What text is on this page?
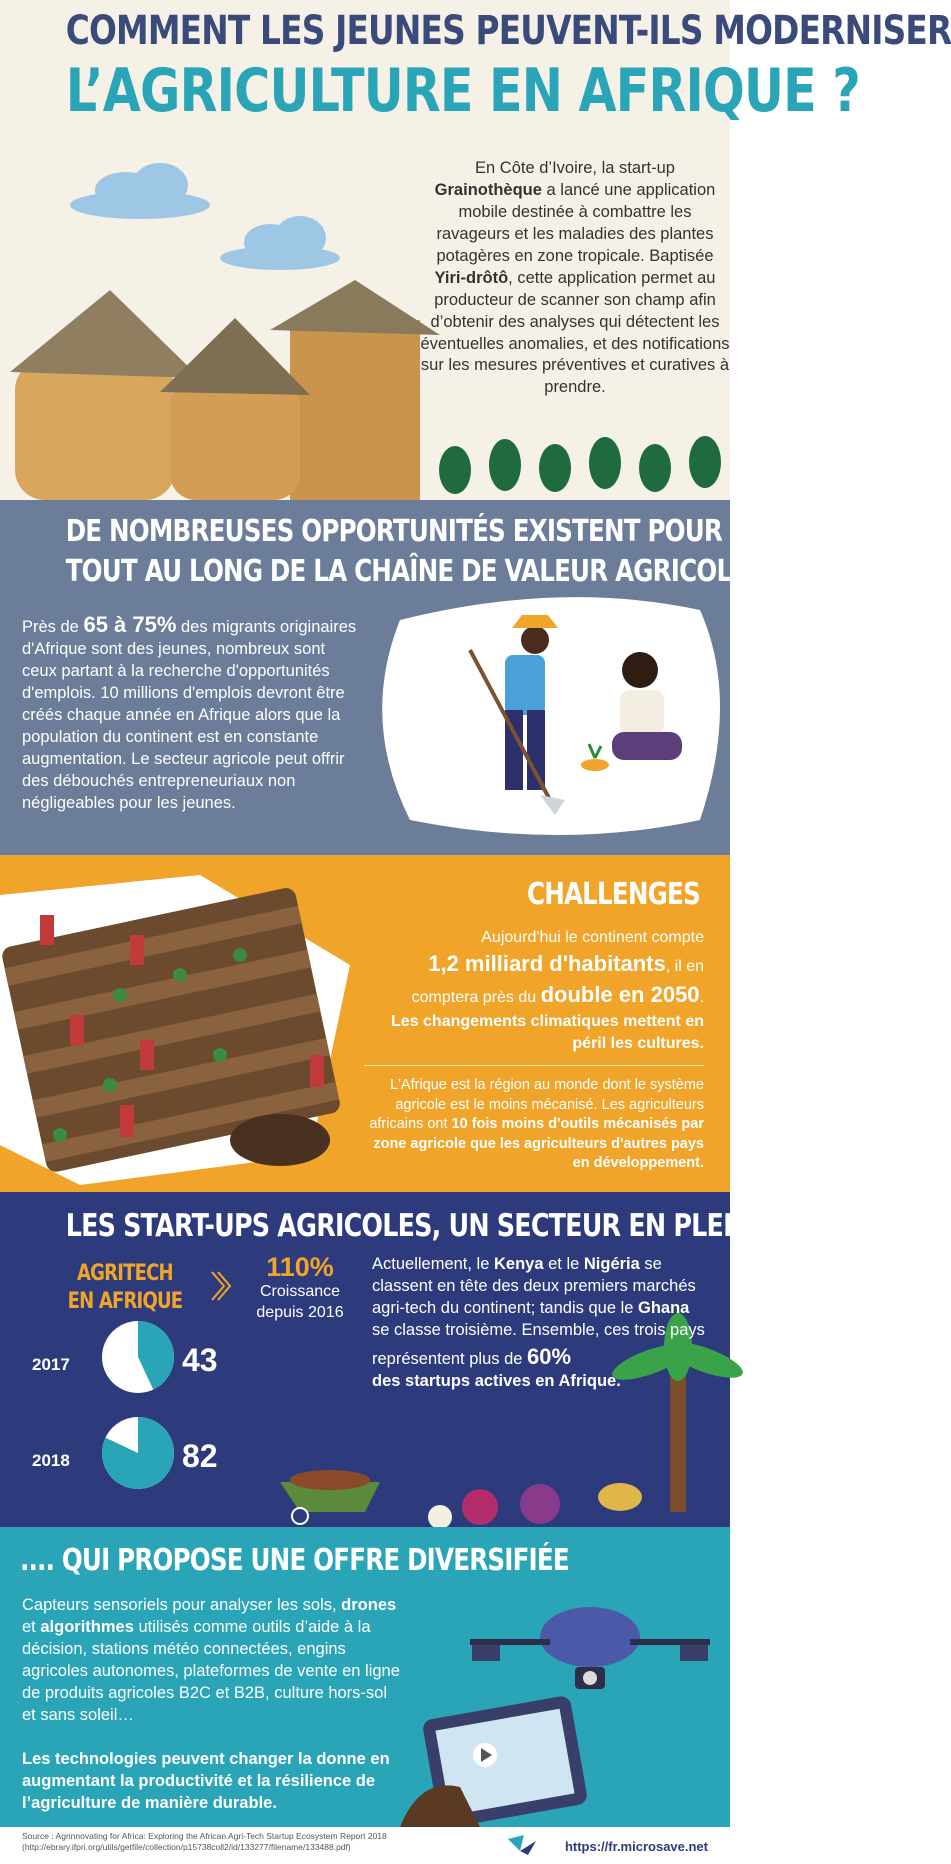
COMMENT LES JEUNES PEUVENT-ILS MODERNISER
L’AGRICULTURE EN AFRIQUE ?
En Côte d’Ivoire, la start-up
Grainothèque a lancé une application mobile destinée à combattre les ravageurs et les maladies des plantes potagères en zone tropicale. Baptisée Yiri-drôtô, cette application permet au producteur de scanner son champ afin d’obtenir des analyses qui détectent les éventuelles anomalies, et des notifications sur les mesures préventives et curatives à prendre.
DE NOMBREUSES OPPORTUNITÉS EXISTENT POUR LES JEUNES
TOUT AU LONG DE LA CHAÎNE DE VALEUR AGRICOLE
Près de 65 à 75% des migrants originaires d'Afrique sont des jeunes, nombreux sont ceux partant à la recherche d'opportunités d'emplois. 10 millions d'emplois devront être créés chaque année en Afrique alors que la population du continent est en constante augmentation. Le secteur agricole peut offrir des débouchés entrepreneuriaux non négligeables pour les jeunes.
CHALLENGES
Aujourd'hui le continent compte
1,2 milliard d'habitants, il en comptera près du double en 2050.
Les changements climatiques mettent en péril les cultures.
L'Afrique est la région au monde dont le système agricole est le moins mécanisé. Les agriculteurs africains ont 10 fois moins d'outils mécanisés par zone agricole que les agriculteurs d'autres pays en développement.
LES START-UPS AGRICOLES, UN SECTEUR EN PLEIN ESSOR ....
AGRITECH
EN AFRIQUE
110%
Croissance depuis 2016
Actuellement, le Kenya et le Nigéria se classent en tête des deux premiers marchés agri-tech du continent; tandis que le Ghana se classe troisième. Ensemble, ces trois pays représentent plus de 60%
des startups actives en Afrique.
2017	43
2018	82
.... QUI PROPOSE UNE OFFRE DIVERSIFIÉE
Capteurs sensoriels pour analyser les sols, drones et algorithmes utilisés comme outils d’aide à la décision, stations météo connectées, engins agricoles autonomes, plateformes de vente en ligne de produits agricoles B2C et B2B, culture hors-sol et sans soleil…
Les technologies peuvent changer la donne en augmentant la productivité et la résilience de l’agriculture de manière durable.
Source : Agrinnovating for Africa: Exploring the African Agri-Tech Startup Ecosystem Report 2018
(http://ebrary.ifpri.org/utils/getfile/collection/p15738coll2/id/133277/filename/133488.pdf)	https://fr.microsave.net
